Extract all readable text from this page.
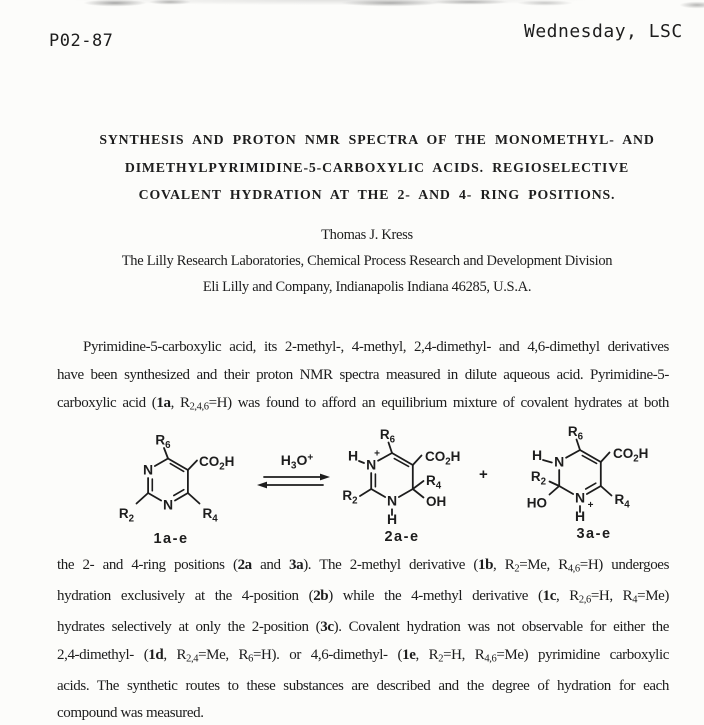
P02-87	Wednesday, LSC
SYNTHESIS AND PROTON NMR SPECTRA OF THE MONOMETHYL- AND
DIMETHYLPYRIMIDINE-5-CARBOXYLIC ACIDS. REGIOSELECTIVE
COVALENT HYDRATION AT THE 2- AND 4- RING POSITIONS.
Thomas J. Kress
The Lilly Research Laboratories, Chemical Process Research and Development Division
Eli Lilly and Company, Indianapolis Indiana 46285, U.S.A.
Pyrimidine-5-carboxylic acid, its 2-methyl-, 4-methyl, 2,4-dimethyl- and 4,6-dimethyl derivatives
have been synthesized and their proton NMR spectra measured in dilute aqueous acid. Pyrimidine-5-
carboxylic acid (1a, R2,4,6=H) was found to afford an equilibrium mixture of covalent hydrates at both
N
N
$R_6$
$CO_2H$
$R_4$
$R_2$
1a-e
$H_3O^+$	N
+
H
N
H
$R_6$
$CO_2H$
$R_4$
OH
$R_2$
2a-e
N
H
N +
H
$R_6$
$CO_2H$
$R_4$
$R_2$
HO
3a-e
+
the 2- and 4-ring positions (2a and 3a). The 2-methyl derivative (1b, R2=Me, R4,6=H) undergoes
hydration exclusively at the 4-position (2b) while the 4-methyl derivative (1c, R2,6=H, R4=Me)
hydrates selectively at only the 2-position (3c). Covalent hydration was not observable for either the
2,4-dimethyl- (1d, R2,4=Me, R6=H). or 4,6-dimethyl- (1e, R2=H, R4,6=Me) pyrimidine carboxylic
acids. The synthetic routes to these substances are described and the degree of hydration for each
compound was measured.
